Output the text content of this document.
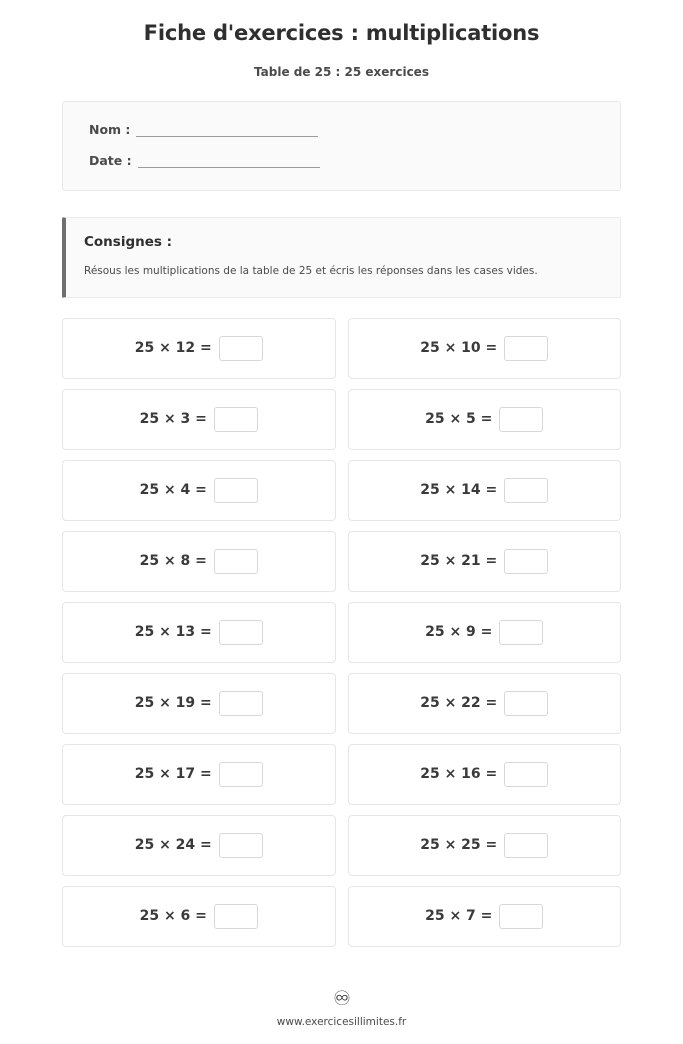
Fiche d'exercices : multiplications
Table de 25 : 25 exercices
Nom :
Date :
Consignes :
Résous les multiplications de la table de 25 et écris les réponses dans les cases vides.
25 × 12 =	25 × 10 =
25 × 3 =	25 × 5 =
25 × 4 =	25 × 14 =
25 × 8 =	25 × 21 =
25 × 13 =	25 × 9 =
25 × 19 =	25 × 22 =
25 × 17 =	25 × 16 =
25 × 24 =	25 × 25 =
25 × 6 =	25 × 7 =
♾
www.exercicesillimites.fr
